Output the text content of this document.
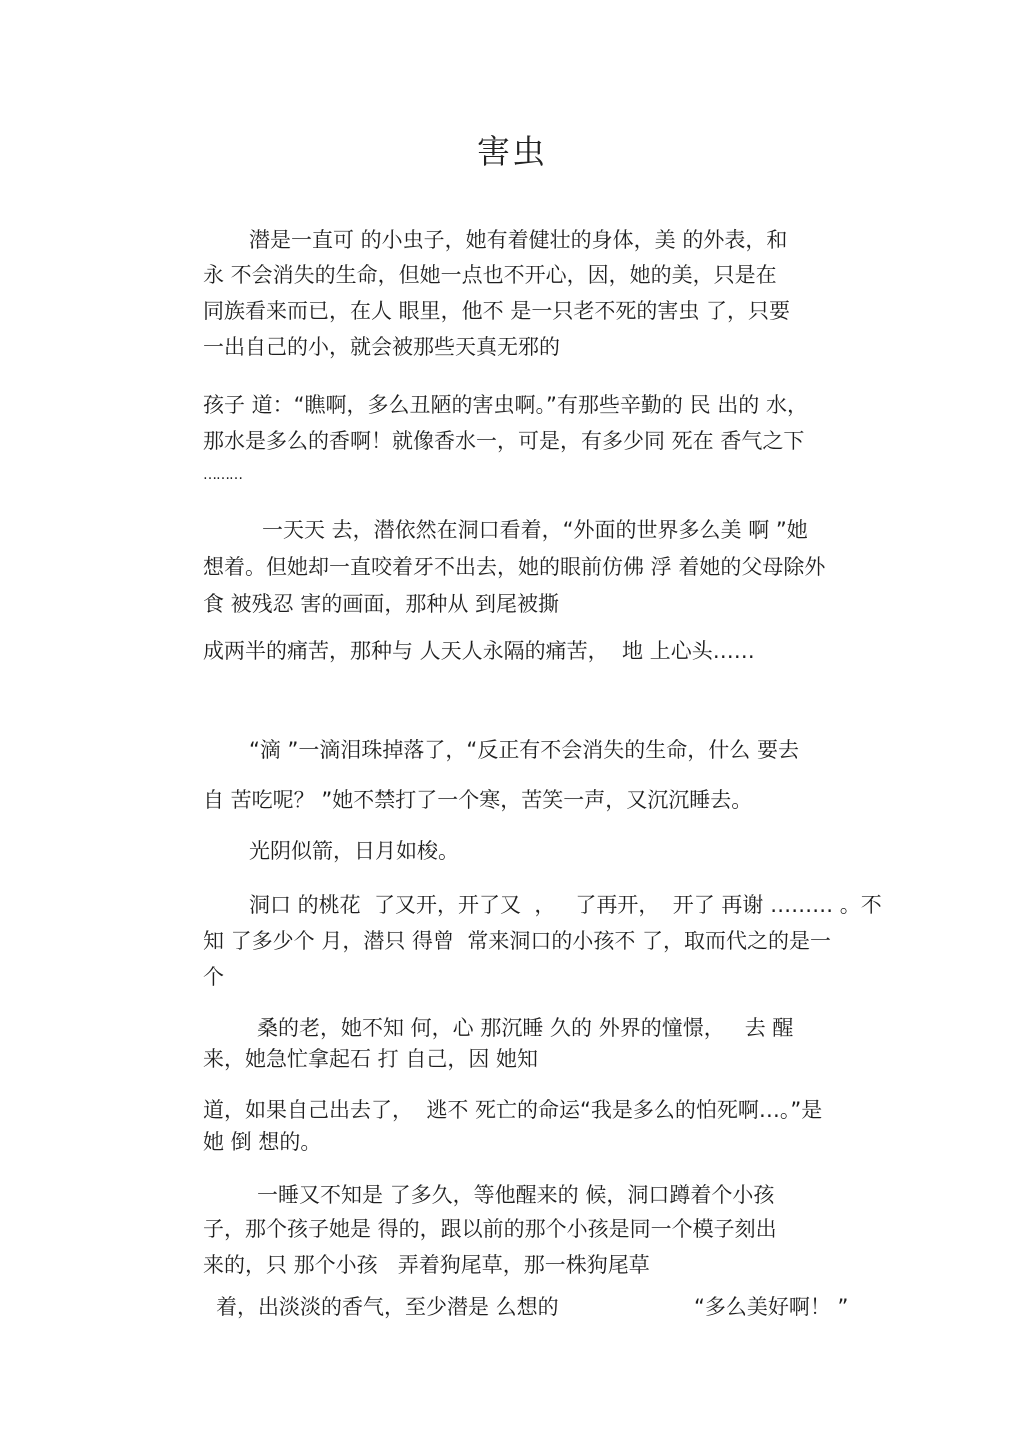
害虫
潜是一直可 的小虫子，她有着健壮的身体，美 的外表，和
永 不会消失的生命，但她一点也不开心，因，她的美，只是在
同族看来而已，在人 眼里，他不 是一只老不死的害虫 了，只要
一出自己的小，就会被那些天真无邪的
孩子 道：“瞧啊，多么丑陋的害虫啊。”有那些辛勤的 民 出的 水，
那水是多么的香啊！就像香水一，可是，有多少同 死在 香气之下
………
一天天 去，潜依然在洞口看着，“外面的世界多么美 啊 ”她
想着。但她却一直咬着牙不出去，她的眼前仿佛 浮 着她的父母除外
食 被残忍 害的画面，那种从 到尾被撕
成两半的痛苦，那种与 人天人永隔的痛苦，  地 上心头……
“滴 ”一滴泪珠掉落了，“反正有不会消失的生命，什么 要去
自 苦吃呢？ ”她不禁打了一个寒，苦笑一声，又沉沉睡去。
光阴似箭，日月如梭。
洞口 的桃花  了又开，开了又  ，   了再开，  开了 再谢 ……… 。不
知 了多少个 月，潜只 得曾  常来洞口的小孩不 了，取而代之的是一
个
桑的老，她不知 何，心 那沉睡 久的 外界的憧憬，   去 醒
来，她急忙拿起石 打 自己，因 她知
道，如果自己出去了，  逃不 死亡的命运“我是多么的怕死啊…。”是
她 倒 想的。
一睡又不知是 了多久，等他醒来的 候，洞口蹲着个小孩
子，那个孩子她是 得的，跟以前的那个小孩是同一个模子刻出
来的，只 那个小孩   弄着狗尾草，那一株狗尾草
着，出淡淡的香气，至少潜是 么想的	“多么美好啊！ ”
